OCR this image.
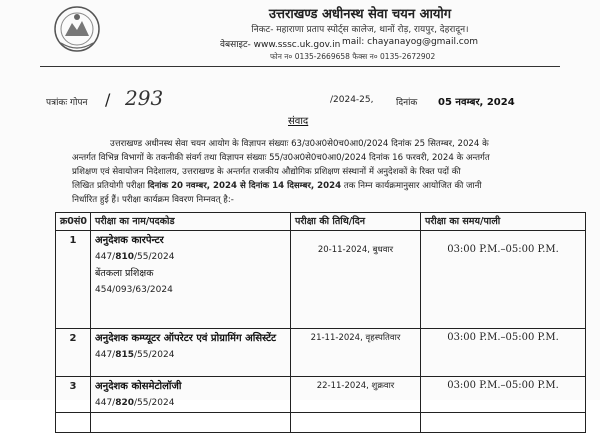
उत्तराखण्ड अधीनस्थ सेवा चयन आयोग
निकट- महाराणा प्रताप स्पोर्ट्स कालेज, थानों रोड़, रायपुर, देहरादून।
वेबसाइट- www.sssc.uk.gov.in mail: chayanayog@gmail.com
फोन न० 0135-2669658 फैक्स न० 0135-2672902
पत्रांकः गोपन / 293	/2024-25,	दिनांक 05 नवम्बर, 2024
संवाद
उत्तराखण्ड अधीनस्थ सेवा चयन आयोग के विज्ञापन संख्याः 63/उ0अ0से0च0आ0/2024 दिनांक 25 सितम्बर, 2024 के
अन्तर्गत विभिन्न विभागों के तकनीकी संवर्ग तथा विज्ञापन संख्याः 55/उ0अ0से0च0आ0/2024 दिनांक 16 फरवरी, 2024 के अन्तर्गत
प्रशिक्षण एवं सेवायोजन निदेशालय, उत्तराखण्ड के अन्तर्गत राजकीय औद्योगिक प्रशिक्षण संस्थानों में अनुदेशकों के रिक्त पदों की
लिखित प्रतियोगी परीक्षा दिनांक 20 नवम्बर, 2024 से दिनांक 14 दिसम्बर, 2024 तक निम्न कार्यक्रमानुसार आयोजित की जानी
निर्धारित हुई हैं। परीक्षा कार्यक्रम विवरण निम्नवत् है:-
क्र0सं0	परीक्षा का नाम/पदकोड	परीक्षा की तिथि/दिन	परीक्षा का समय/पाली
1	अनुदेशक कारपेन्टर
447/810/55/2024
बेंतकला प्रशिक्षक
454/093/63/2024	20-11-2024, बुधवार	03:00 P.M.–05:00 P.M.
2	अनुदेशक कम्प्यूटर ऑपरेटर एवं प्रोग्रामिंग असिस्टेंट
447/815/55/2024	21-11-2024, वृहस्पतिवार	03:00 P.M.–05:00 P.M.
3	अनुदेशक कोसमेटोलॉजी
447/820/55/2024	22-11-2024, शुक्रवार	03:00 P.M.–05:00 P.M.
